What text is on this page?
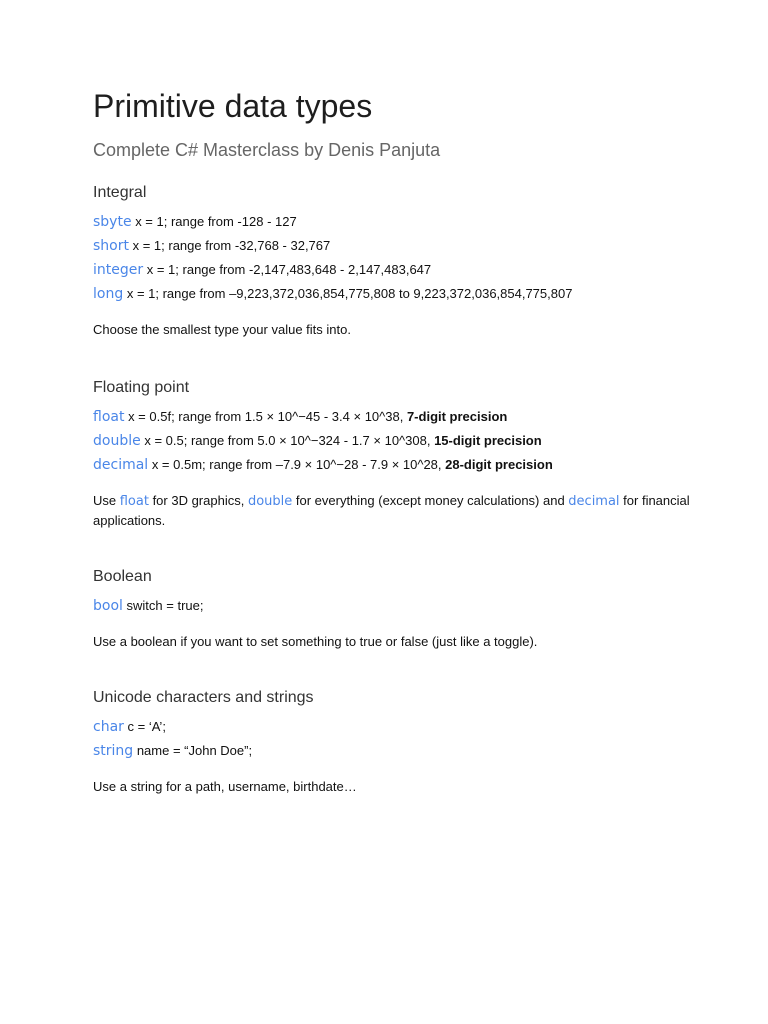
Primitive data types
Complete C# Masterclass by Denis Panjuta
Integral
sbyte x = 1; range from -128 - 127
short x = 1; range from -32,768 - 32,767
integer x = 1; range from -2,147,483,648 - 2,147,483,647
long x = 1; range from –9,223,372,036,854,775,808 to 9,223,372,036,854,775,807

Choose the smallest type your value fits into.

Floating point
float x = 0.5f; range from 1.5 × 10^−45 - 3.4 × 10^38, 7-digit precision
double x = 0.5; range from 5.0 × 10^−324 - 1.7 × 10^308, 15-digit precision
decimal x = 0.5m; range from –7.9 × 10^−28 - 7.9 × 10^28, 28-digit precision

Use float for 3D graphics, double for everything (except money calculations) and decimal for financial applications.

Boolean
bool switch = true;

Use a boolean if you want to set something to true or false (just like a toggle).

Unicode characters and strings
char c = ‘A’;
string name = “John Doe”;

Use a string for a path, username, birthdate…
